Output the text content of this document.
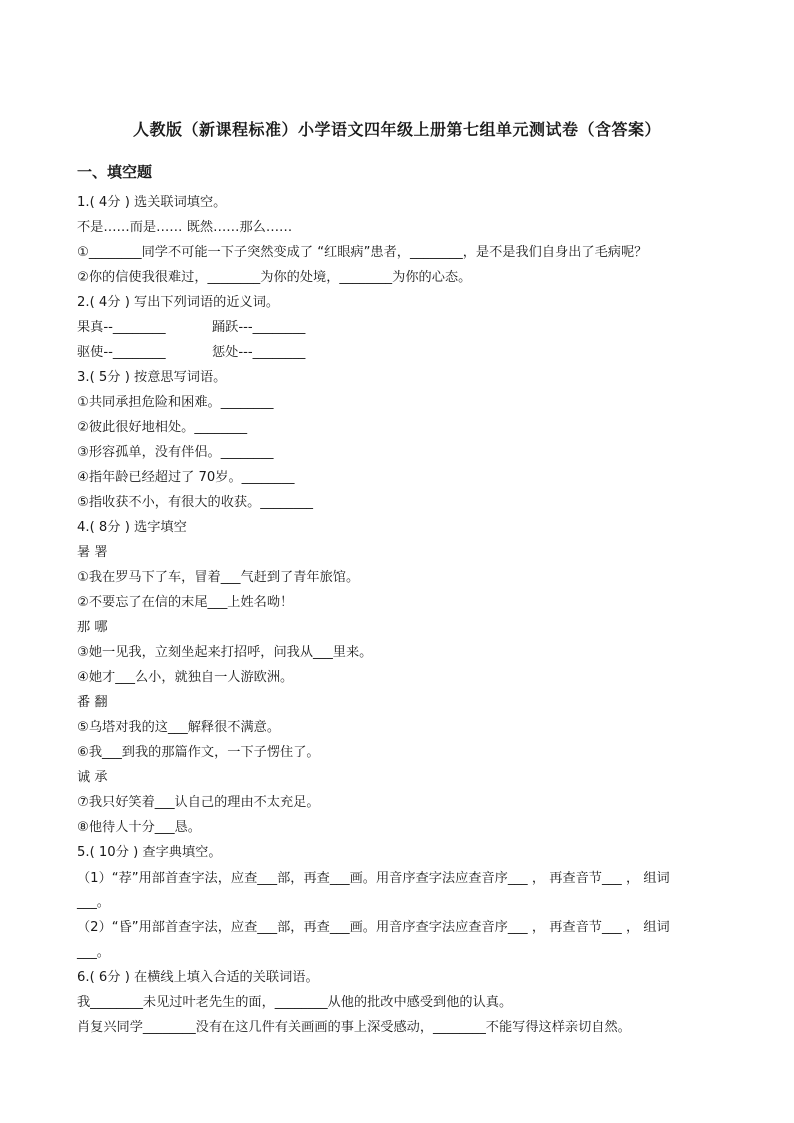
人教版（新课程标准）小学语文四年级上册第七组单元测试卷（含答案）
一、填空题
1.( 4分 ) 选关联词填空。
不是……而是…… 既然……那么……
①________同学不可能一下子突然变成了 “红眼病”患者，________，是不是我们自身出了毛病呢？
②你的信使我很难过，________为你的处境，________为你的心态。
2.( 4分 ) 写出下列词语的近义词。
果真--________	踊跃---________
驱使--________	惩处---________
3.( 5分 ) 按意思写词语。
①共同承担危险和困难。________
②彼此很好地相处。________
③形容孤单，没有伴侣。________
④指年龄已经超过了 70岁。________
⑤指收获不小，有很大的收获。________
4.( 8分 ) 选字填空
暑 署
①我在罗马下了车，冒着___气赶到了青年旅馆。
②不要忘了在信的末尾___上姓名呦！
那 哪
③她一见我，立刻坐起来打招呼，问我从___里来。
④她才___么小，就独自一人游欧洲。
番 翻
⑤乌塔对我的这___解释很不满意。
⑥我___到我的那篇作文，一下子愣住了。
诚 承
⑦我只好笑着___认自己的理由不太充足。
⑧他待人十分___恳。
5.( 10分 ) 查字典填空。
（1）“荐”用部首查字法，应查___部，再查___画。用音序查字法应查音序___ ， 再查音节___ ， 组词
___。
（2）“昏”用部首查字法，应查___部，再查___画。用音序查字法应查音序___ ， 再查音节___ ， 组词
___。
6.( 6分 ) 在横线上填入合适的关联词语。
我________未见过叶老先生的面，________从他的批改中感受到他的认真。
肖复兴同学________没有在这几件有关画画的事上深受感动，________不能写得这样亲切自然。
